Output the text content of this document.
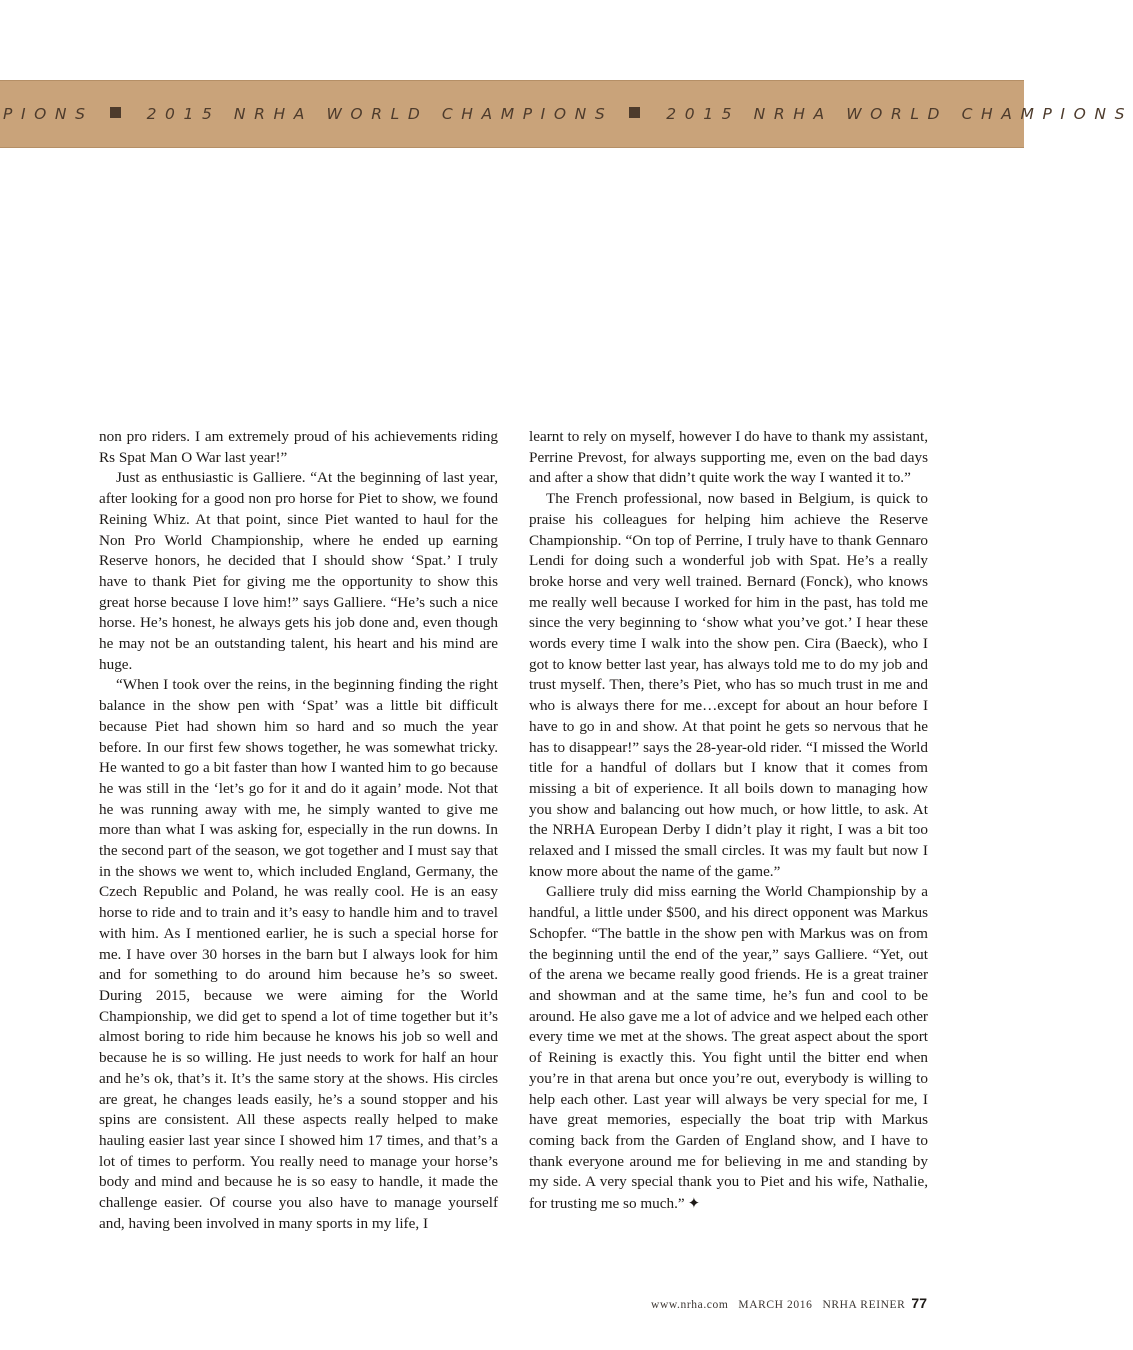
PIONS	2015 NRHA WORLD CHAMPIONS	2015 NRHA WORLD CHAMPIONS

non pro riders. I am extremely proud of his achievements riding Rs Spat Man O War last year!”

Just as enthusiastic is Galliere. “At the beginning of last year, after looking for a good non pro horse for Piet to show, we found Reining Whiz. At that point, since Piet wanted to haul for the Non Pro World Championship, where he ended up earning Reserve honors, he decided that I should show ‘Spat.’ I truly have to thank Piet for giving me the opportunity to show this great horse because I love him!” says Galliere. “He’s such a nice horse. He’s honest, he always gets his job done and, even though he may not be an outstanding talent, his heart and his mind are huge.

“When I took over the reins, in the beginning finding the right balance in the show pen with ‘Spat’ was a little bit difficult because Piet had shown him so hard and so much the year before. In our first few shows together, he was somewhat tricky. He wanted to go a bit faster than how I wanted him to go because he was still in the ‘let’s go for it and do it again’ mode. Not that he was running away with me, he simply wanted to give me more than what I was asking for, especially in the run downs. In the second part of the season, we got together and I must say that in the shows we went to, which included England, Germany, the Czech Republic and Poland, he was really cool. He is an easy horse to ride and to train and it’s easy to handle him and to travel with him. As I mentioned earlier, he is such a special horse for me. I have over 30 horses in the barn but I always look for him and for something to do around him because he’s so sweet. During 2015, because we were aiming for the World Championship, we did get to spend a lot of time together but it’s almost boring to ride him because he knows his job so well and because he is so willing. He just needs to work for half an hour and he’s ok, that’s it. It’s the same story at the shows. His circles are great, he changes leads easily, he’s a sound stopper and his spins are consistent. All these aspects really helped to make hauling easier last year since I showed him 17 times, and that’s a lot of times to perform. You really need to manage your horse’s body and mind and because he is so easy to handle, it made the challenge easier. Of course you also have to manage yourself and, having been involved in many sports in my life, I

learnt to rely on myself, however I do have to thank my assistant, Perrine Prevost, for always supporting me, even on the bad days and after a show that didn’t quite work the way I wanted it to.”

The French professional, now based in Belgium, is quick to praise his colleagues for helping him achieve the Reserve Championship. “On top of Perrine, I truly have to thank Gennaro Lendi for doing such a wonderful job with Spat. He’s a really broke horse and very well trained. Bernard (Fonck), who knows me really well because I worked for him in the past, has told me since the very beginning to ‘show what you’ve got.’ I hear these words every time I walk into the show pen. Cira (Baeck), who I got to know better last year, has always told me to do my job and trust myself. Then, there’s Piet, who has so much trust in me and who is always there for me…except for about an hour before I have to go in and show. At that point he gets so nervous that he has to disappear!” says the 28-year-old rider. “I missed the World title for a handful of dollars but I know that it comes from missing a bit of experience. It all boils down to managing how you show and balancing out how much, or how little, to ask. At the NRHA European Derby I didn’t play it right, I was a bit too relaxed and I missed the small circles. It was my fault but now I know more about the name of the game.”

Galliere truly did miss earning the World Championship by a handful, a little under $500, and his direct opponent was Markus Schopfer. “The battle in the show pen with Markus was on from the beginning until the end of the year,” says Galliere. “Yet, out of the arena we became really good friends. He is a great trainer and showman and at the same time, he’s fun and cool to be around. He also gave me a lot of advice and we helped each other every time we met at the shows. The great aspect about the sport of Reining is exactly this. You fight until the bitter end when you’re in that arena but once you’re out, everybody is willing to help each other. Last year will always be very special for me, I have great memories, especially the boat trip with Markus coming back from the Garden of England show, and I have to thank everyone around me for believing in me and standing by my side. A very special thank you to Piet and his wife, Nathalie, for trusting me so much.” ✦

www.nrha.com MARCH 2016 NRHA REINER 77
